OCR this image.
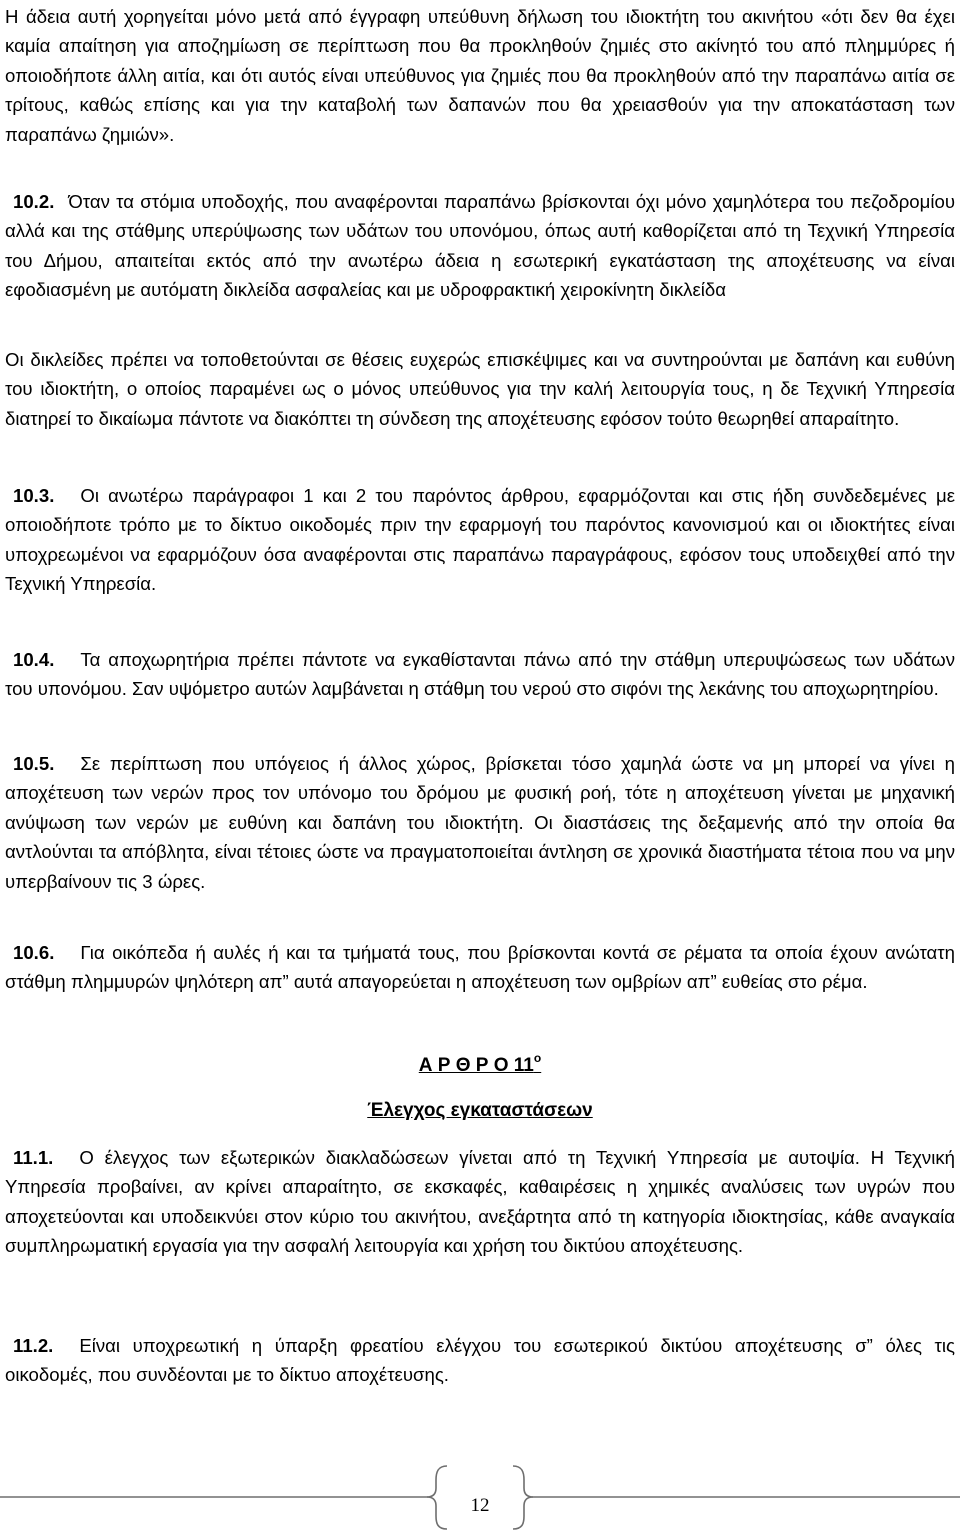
Η άδεια αυτή χορηγείται μόνο μετά από έγγραφη υπεύθυνη δήλωση του ιδιοκτήτη του ακινήτου «ότι δεν θα έχει καμία απαίτηση για αποζημίωση σε περίπτωση που θα προκληθούν ζημιές στο ακίνητό του από πλημμύρες ή οποιοδήποτε άλλη αιτία, και ότι αυτός είναι υπεύθυνος για ζημιές που θα προκληθούν από την παραπάνω αιτία σε τρίτους, καθώς επίσης και για την καταβολή των δαπανών που θα χρειασθούν για την αποκατάσταση των παραπάνω ζημιών».

10.2. Όταν τα στόμια υποδοχής, που αναφέρονται παραπάνω βρίσκονται όχι μόνο χαμηλότερα του πεζοδρομίου αλλά και της στάθμης υπερύψωσης των υδάτων του υπονόμου, όπως αυτή καθορίζεται από τη Τεχνική Υπηρεσία του Δήμου, απαιτείται εκτός από την ανωτέρω άδεια η εσωτερική εγκατάσταση της αποχέτευσης να είναι εφοδιασμένη με αυτόματη δικλείδα ασφαλείας και με υδροφρακτική χειροκίνητη δικλείδα

Οι δικλείδες πρέπει να τοποθετούνται σε θέσεις ευχερώς επισκέψιμες και να συντηρούνται με δαπάνη και ευθύνη του ιδιοκτήτη, ο οποίος παραμένει ως ο μόνος υπεύθυνος για την καλή λειτουργία τους, η δε Τεχνική Υπηρεσία διατηρεί το δικαίωμα πάντοτε να διακόπτει τη σύνδεση της αποχέτευσης εφόσον τούτο θεωρηθεί απαραίτητο.

10.3. Οι ανωτέρω παράγραφοι 1 και 2 του παρόντος άρθρου, εφαρμόζονται και στις ήδη συνδεδεμένες με οποιοδήποτε τρόπο με το δίκτυο οικοδομές πριν την εφαρμογή του παρόντος κανονισμού και οι ιδιοκτήτες είναι υποχρεωμένοι να εφαρμόζουν όσα αναφέρονται στις παραπάνω παραγράφους, εφόσον τους υποδειχθεί από την Τεχνική Υπηρεσία.

10.4. Τα αποχωρητήρια πρέπει πάντοτε να εγκαθίστανται πάνω από την στάθμη υπερυψώσεως των υδάτων του υπονόμου. Σαν υψόμετρο αυτών λαμβάνεται η στάθμη του νερού στο σιφόνι της λεκάνης του αποχωρητηρίου.

10.5. Σε περίπτωση που υπόγειος ή άλλος χώρος, βρίσκεται τόσο χαμηλά ώστε να μη μπορεί να γίνει η αποχέτευση των νερών προς τον υπόνομο του δρόμου με φυσική ροή, τότε η αποχέτευση γίνεται με μηχανική ανύψωση των νερών με ευθύνη και δαπάνη του ιδιοκτήτη. Οι διαστάσεις της δεξαμενής από την οποία θα αντλούνται τα απόβλητα, είναι τέτοιες ώστε να πραγματοποιείται άντληση σε χρονικά διαστήματα τέτοια που να μην υπερβαίνουν τις 3 ώρες.

10.6. Για οικόπεδα ή αυλές ή και τα τμήματά τους, που βρίσκονται κοντά σε ρέματα τα οποία έχουν ανώτατη στάθμη πλημμυρών ψηλότερη απ” αυτά απαγορεύεται η αποχέτευση των ομβρίων απ” ευθείας στο ρέμα.

Α Ρ Θ Ρ Ο $11^o$
Έλεγχος εγκαταστάσεων

11.1. Ο έλεγχος των εξωτερικών διακλαδώσεων γίνεται από τη Τεχνική Υπηρεσία με αυτοψία. Η Τεχνική Υπηρεσία προβαίνει, αν κρίνει απαραίτητο, σε εκσκαφές, καθαιρέσεις η χημικές αναλύσεις των υγρών που αποχετεύονται και υποδεικνύει στον κύριο του ακινήτου, ανεξάρτητα από τη κατηγορία ιδιοκτησίας, κάθε αναγκαία συμπληρωματική εργασία για την ασφαλή λειτουργία και χρήση του δικτύου αποχέτευσης.

11.2. Είναι υποχρεωτική η ύπαρξη φρεατίου ελέγχου του εσωτερικού δικτύου αποχέτευσης σ” όλες τις οικοδομές, που συνδέονται με το δίκτυο αποχέτευσης.

12
